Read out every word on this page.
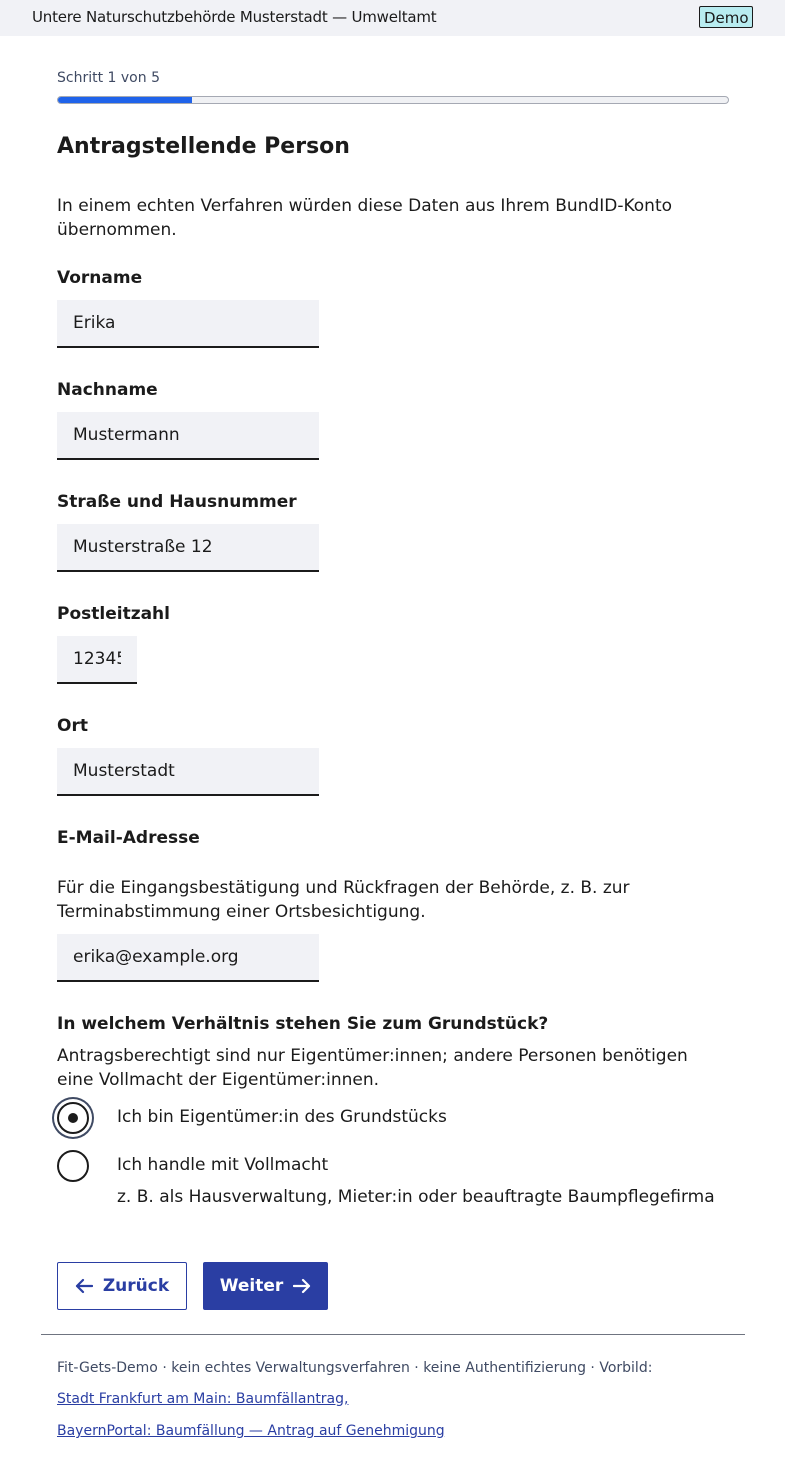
Untere Naturschutzbehörde Musterstadt — Umweltamt	Demo
Schritt 1 von 5
Antragstellende Person

In einem echten Verfahren würden diese Daten aus Ihrem BundID-Konto übernommen.

Vorname
Erika
Nachname
Mustermann
Straße und Hausnummer
Musterstraße 12
Postleitzahl
12345
Ort
Musterstadt
E-Mail-Adresse

Für die Eingangsbestätigung und Rückfragen der Behörde, z. B. zur Terminabstimmung einer Ortsbesichtigung.

erika@example.org
In welchem Verhältnis stehen Sie zum Grundstück?

Antragsberechtigt sind nur Eigentümer:innen; andere Personen benötigen eine Vollmacht der Eigentümer:innen.

Ich bin Eigentümer:in des Grundstücks
Ich handle mit Vollmacht
z. B. als Hausverwaltung, Mieter:in oder beauftragte Baumpflegefirma
Zurück	Weiter
Fit-Gets-Demo · kein echtes Verwaltungsverfahren · keine Authentifizierung · Vorbild:
Stadt Frankfurt am Main: Baumfällantrag,
BayernPortal: Baumfällung — Antrag auf Genehmigung
